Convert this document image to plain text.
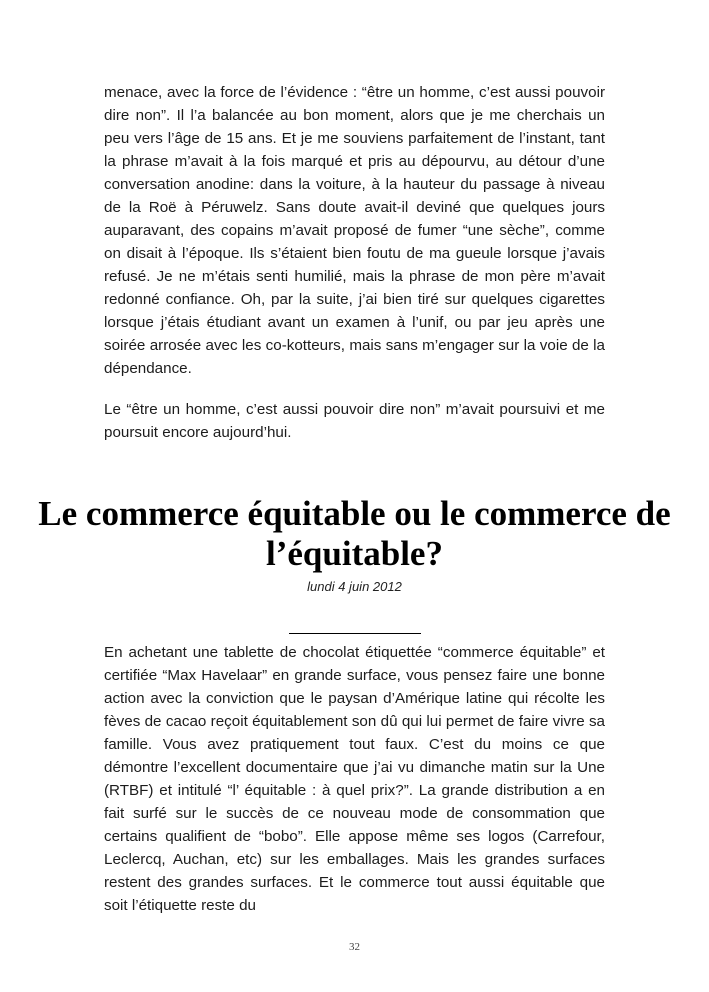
menace, avec la force de l’évidence : “être un homme, c’est aussi pouvoir dire non”. Il l’a balancée au bon moment, alors que je me cherchais un peu vers l’âge de 15 ans. Et je me souviens parfaitement de l’instant, tant la phrase m’avait à la fois marqué et pris au dépourvu, au détour d’une conversation anodine: dans la voiture, à la hauteur du passage à niveau de la Roë à Péruwelz. Sans doute avait-il deviné que quelques jours auparavant, des copains m’avait proposé de fumer “une sèche”, comme on disait à l’époque. Ils s’étaient bien foutu de ma gueule lorsque j’avais refusé. Je ne m’étais senti humilié, mais la phrase de mon père m’avait redonné confiance. Oh, par la suite, j’ai bien tiré sur quelques cigarettes lorsque j’étais étudiant avant un examen à l’unif, ou par jeu après une soirée arrosée avec les co-kotteurs, mais sans m’engager sur la voie de la dépendance.

Le “être un homme, c’est aussi pouvoir dire non” m’avait poursuivi et me poursuit encore aujourd’hui.

Le commerce équitable ou le commerce de l’équitable?
lundi 4 juin 2012

En achetant une tablette de chocolat étiquettée “commerce équitable” et certifiée “Max Havelaar” en grande surface, vous pensez faire une bonne action avec la conviction que le paysan d’Amérique latine qui récolte les fèves de cacao reçoit équitablement son dû qui lui permet de faire vivre sa famille. Vous avez pratiquement tout faux. C’est du moins ce que démontre l’excellent documentaire que j’ai vu dimanche matin sur la Une (RTBF) et intitulé “l’ équitable : à quel prix?”. La grande distribution a en fait surfé sur le succès de ce nouveau mode de consommation que certains qualifient de “bobo”. Elle appose même ses logos (Carrefour, Leclercq, Auchan, etc) sur les emballages. Mais les grandes surfaces restent des grandes surfaces. Et le commerce tout aussi équitable que soit l’étiquette reste du

32
